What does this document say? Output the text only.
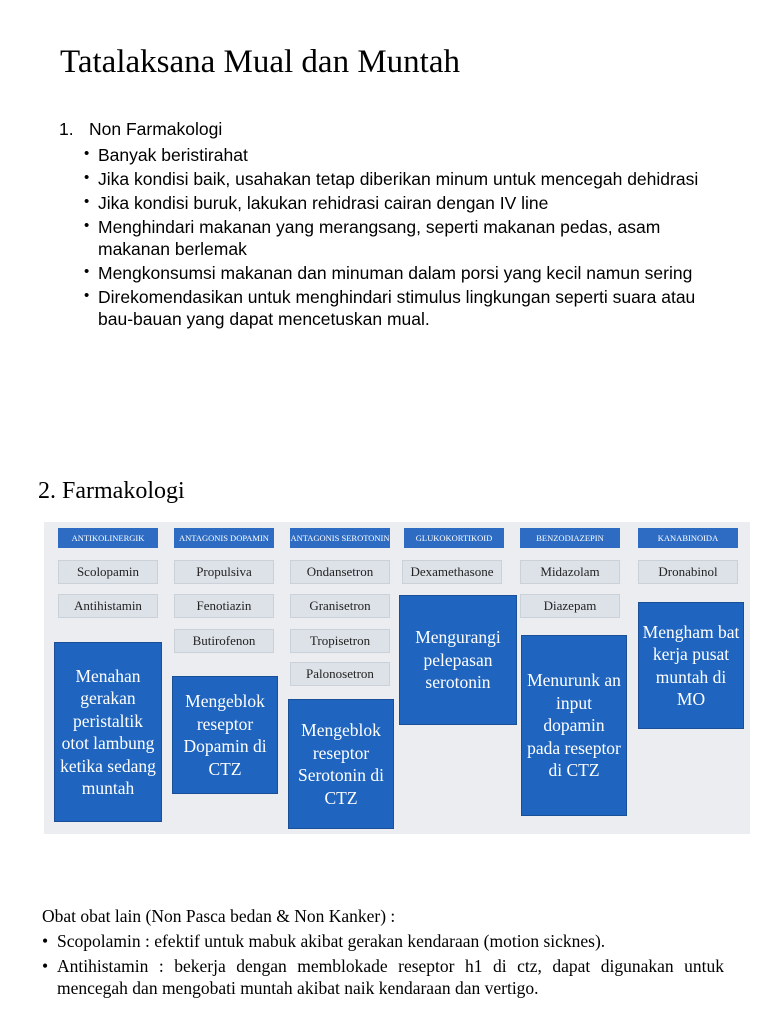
Tatalaksana Mual dan Muntah
1. Non Farmakologi
• Banyak beristirahat
• Jika kondisi baik, usahakan tetap diberikan minum untuk mencegah dehidrasi
• Jika kondisi buruk, lakukan rehidrasi cairan dengan IV line
• Menghindari makanan yang merangsang, seperti makanan pedas, asam makanan berlemak
• Mengkonsumsi makanan dan minuman dalam porsi yang kecil namun sering
• Direkomendasikan untuk menghindari stimulus lingkungan seperti suara atau bau-bauan yang dapat mencetuskan mual.
2. Farmakologi
ANTIKOLINERGIK
Scolopamin
Antihistamin
Menahan gerakan peristaltik otot lambung ketika sedang muntah
ANTAGONIS DOPAMIN
Propulsiva
Fenotiazin
Butirofenon
Mengeblok reseptor Dopamin di CTZ
ANTAGONIS SEROTONIN
Ondansetron
Granisetron
Tropisetron
Palonosetron
Mengeblok reseptor Serotonin di CTZ
GLUKOKORTIKOID
Dexamethasone
Mengurangi pelepasan serotonin
BENZODIAZEPIN
Midazolam
Diazepam
Menurunk an input dopamin pada reseptor di CTZ
KANABINOIDA
Dronabinol
Mengham bat kerja pusat muntah di MO
Obat obat lain (Non Pasca bedan & Non Kanker) :
• Scopolamin : efektif untuk mabuk akibat gerakan kendaraan (motion sicknes).
• Antihistamin : bekerja dengan memblokade reseptor h1 di ctz, dapat digunakan untuk mencegah dan mengobati muntah akibat naik kendaraan dan vertigo.
